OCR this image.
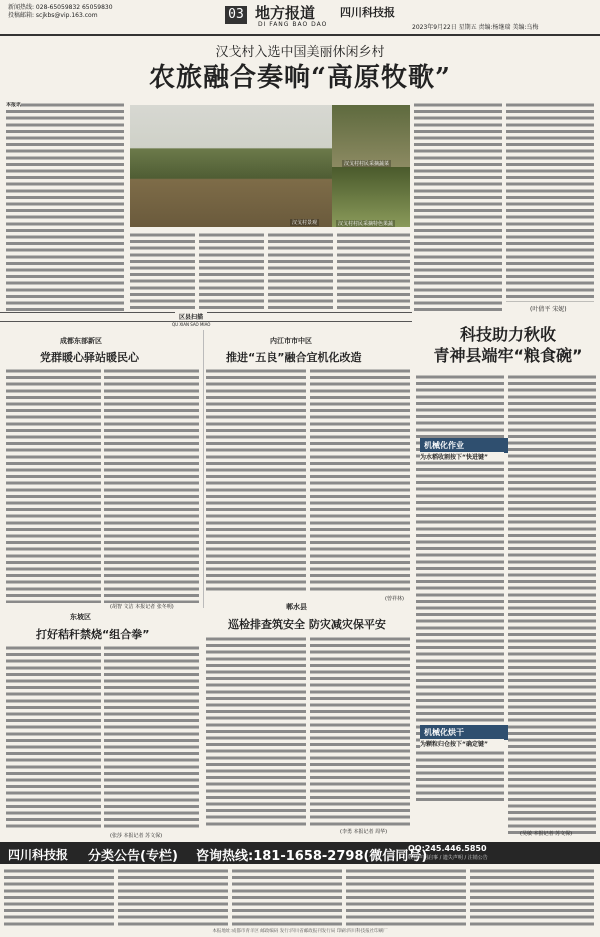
新闻热线: 028-65059832 65059830
投稿邮箱: scjkbs@vip.163.com	03 地方报道
DI FANG BAO DAO
四川科技报
2023年9月22日 星期五 责编:杨继瑞 美编:乌梅
汉戈村入选中国美丽休闲乡村
农旅融合奏响“高原牧歌”
本报讯
汉戈村景观
汉戈村村民采摘蔬菜
汉戈村村民采摘特色果蔬
(叶倩平 宋妮)
区县扫描
QU XIAN SAO MIAO
成都东部新区
党群暖心驿站暖民心
(胡智 文洁 本报记者 张冬明)
内江市市中区
推进“五良”融合宜机化改造
(曾祥林)
东坡区
打好秸秆禁烧“组合拳”
(张莎 本报记者 苏文保)
郫水县
巡检排查筑安全 防灾减灾保平安
(李勇 本报记者 周华)
科技助力秋收
青神县端牢“粮食碗”
机械化作业
为水稻收割按下“快进键”
机械化烘干
为颗粒归仓按下“确定键”
(吴敏 本报记者 苏文保)
四川科技报 分类公告(专栏) 咨询热线:181-1658-2798(微信同号)
QQ:245.446.5850
收登声明启事 / 遗失声明 / 注销公告
本报地址:成都市青羊区 邮政编码 发行:四川省邮政报刊发行局 印刷:四川科技报社印刷厂
